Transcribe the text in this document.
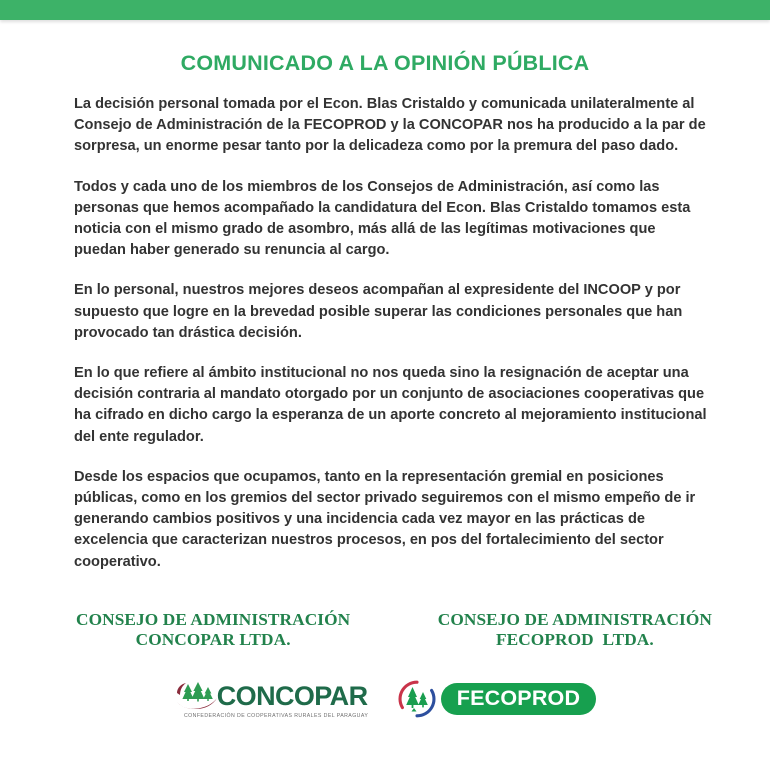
COMUNICADO A LA OPINIÓN PÚBLICA

La decisión personal tomada por el Econ. Blas Cristaldo y comunicada unilateralmente al Consejo de Administración de la FECOPROD y la CONCOPAR nos ha producido a la par de sorpresa, un enorme pesar tanto por la delicadeza como por la premura del paso dado.

Todos y cada uno de los miembros de los Consejos de Administración, así como las personas que hemos acompañado la candidatura del Econ. Blas Cristaldo tomamos esta noticia con el mismo grado de asombro, más allá de las legítimas motivaciones que puedan haber generado su renuncia al cargo.

En lo personal, nuestros mejores deseos acompañan al expresidente del INCOOP y por supuesto que logre en la brevedad posible superar las condiciones personales que han provocado tan drástica decisión.

En lo que refiere al ámbito institucional no nos queda sino la resignación de aceptar una decisión contraria al mandato otorgado por un conjunto de asociaciones cooperativas que ha cifrado en dicho cargo la esperanza de un aporte concreto al mejoramiento institucional del ente regulador.

Desde los espacios que ocupamos, tanto en la representación gremial en posiciones públicas, como en los gremios del sector privado seguiremos con el mismo empeño de ir generando cambios positivos y una incidencia cada vez mayor en las prácticas de excelencia que caracterizan nuestros procesos, en pos del fortalecimiento del sector cooperativo.

CONSEJO DE ADMINISTRACIÓN
CONCOPAR LTDA.
CONSEJO DE ADMINISTRACIÓN
FECOPROD  LTDA.
CONCOPAR
CONFEDERACIÓN DE COOPERATIVAS RURALES DEL PARAGUAY
FECOPROD
